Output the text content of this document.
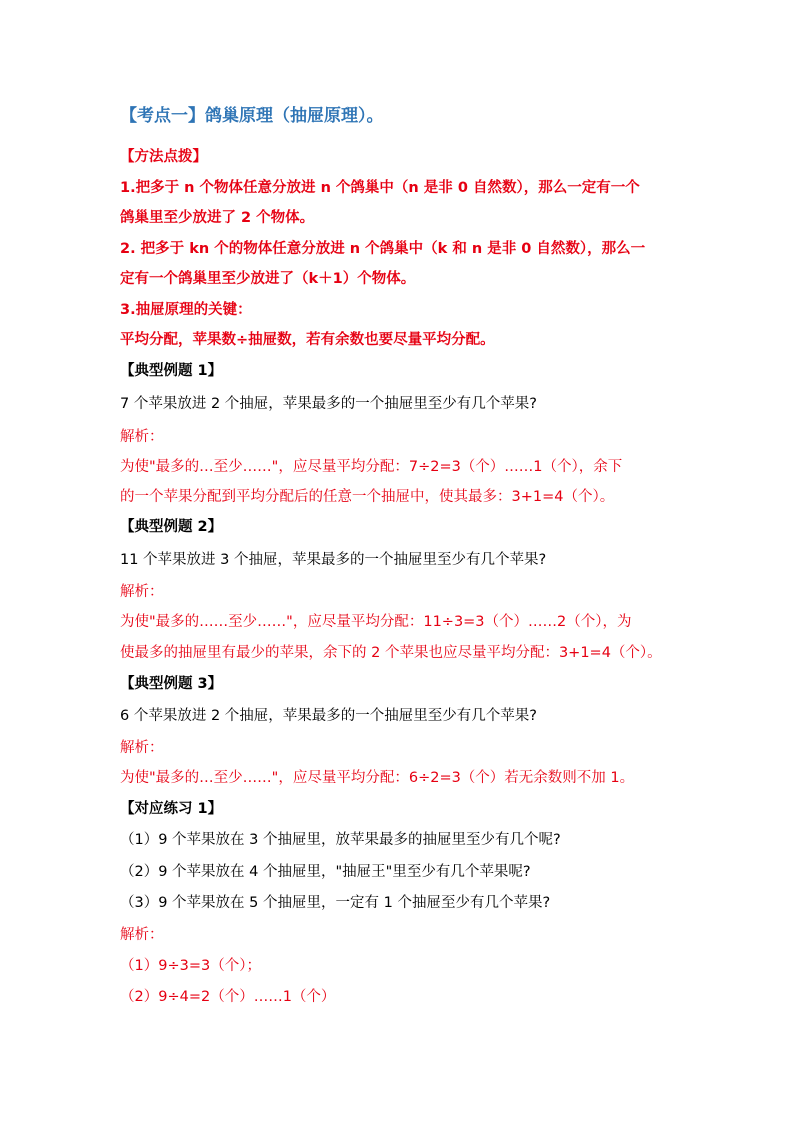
【考点一】鸽巢原理（抽屉原理）。
【方法点拨】
1.把多于 n 个物体任意分放进 n 个鸽巢中（n 是非 0 自然数），那么一定有一个
鸽巢里至少放进了 2 个物体。
2. 把多于 kn 个的物体任意分放进 n 个鸽巢中（k 和 n 是非 0 自然数），那么一
定有一个鸽巢里至少放进了（k＋1）个物体。
3.抽屉原理的关键：
平均分配，苹果数÷抽屉数，若有余数也要尽量平均分配。
【典型例题 1】
7 个苹果放进 2 个抽屉，苹果最多的一个抽屉里至少有几个苹果?
解析：
为使"最多的…至少……"，应尽量平均分配：7÷2=3（个）……1（个），余下
的一个苹果分配到平均分配后的任意一个抽屉中，使其最多：3+1=4（个）。
【典型例题 2】
11 个苹果放进 3 个抽屉，苹果最多的一个抽屉里至少有几个苹果?
解析：
为使"最多的……至少……"，应尽量平均分配：11÷3=3（个）……2（个），为
使最多的抽屉里有最少的苹果，余下的 2 个苹果也应尽量平均分配：3+1=4（个）。
【典型例题 3】
6 个苹果放进 2 个抽屉，苹果最多的一个抽屉里至少有几个苹果?
解析：
为使"最多的…至少……"，应尽量平均分配：6÷2=3（个）若无余数则不加 1。
【对应练习 1】
（1）9 个苹果放在 3 个抽屉里，放苹果最多的抽屉里至少有几个呢?
（2）9 个苹果放在 4 个抽屉里，"抽屉王"里至少有几个苹果呢?
（3）9 个苹果放在 5 个抽屉里，一定有 1 个抽屉至少有几个苹果?
解析：
（1）9÷3=3（个）；
（2）9÷4=2（个）……1（个）
